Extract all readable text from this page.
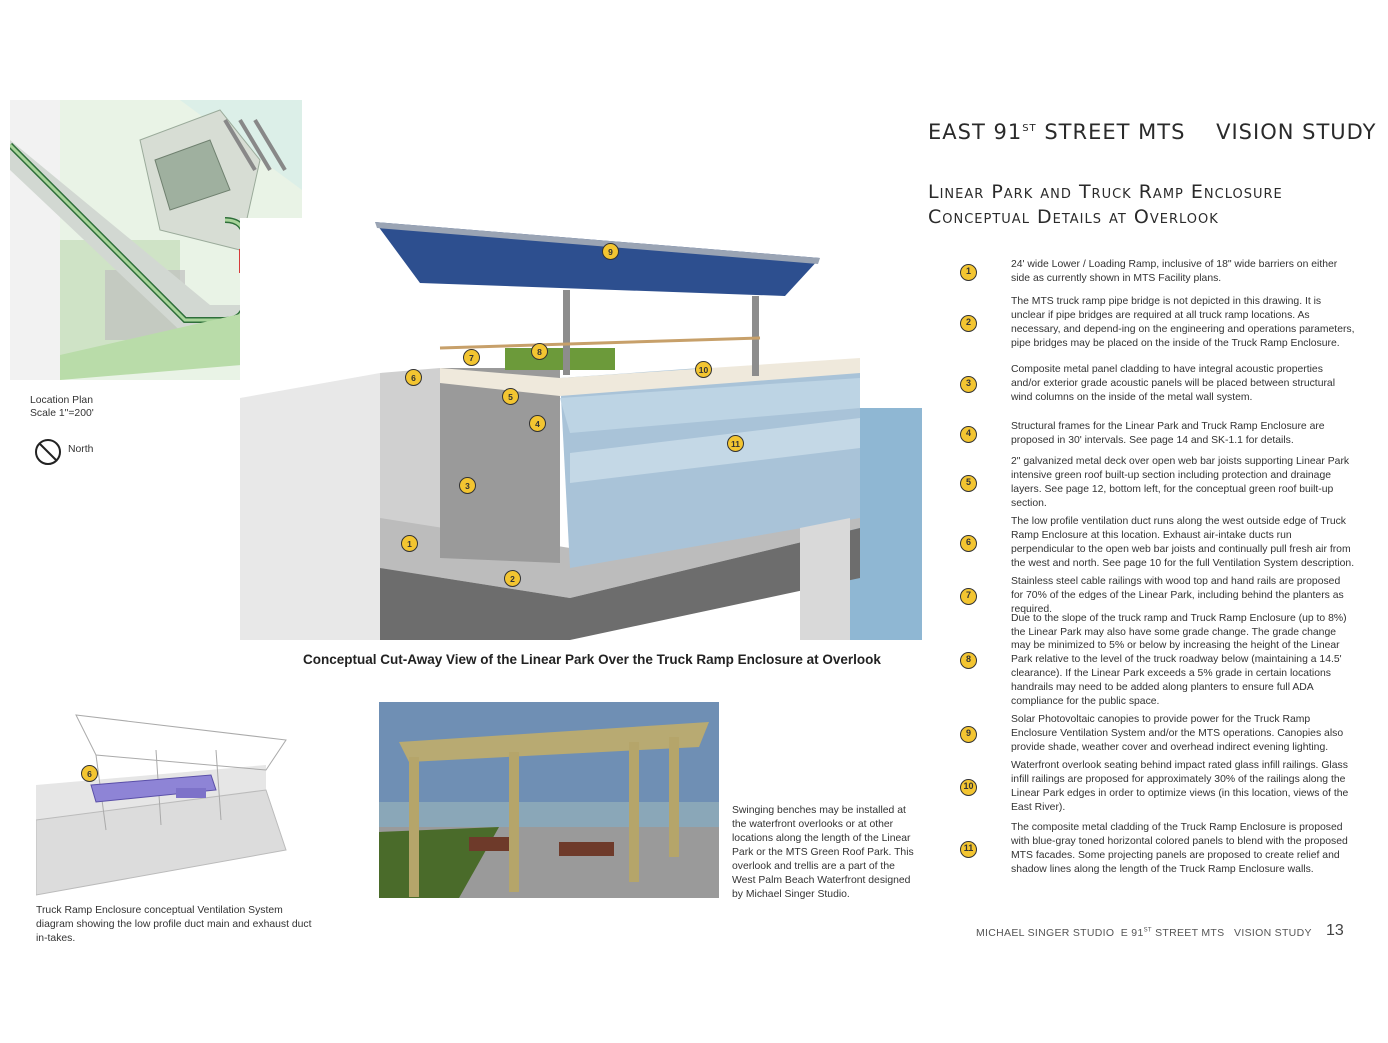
Location Plan
Scale 1"=200'
North
9
8
7
6
10
5
4
11
3
1
2
Conceptual Cut-Away View of the Linear Park Over the Truck Ramp Enclosure at Overlook
6
Truck Ramp Enclosure conceptual Ventilation System diagram showing the low profile duct main and exhaust duct in-takes.
Swinging benches may be installed at the waterfront overlooks or at other locations along the length of the Linear Park or the MTS Green Roof Park. This overlook and trellis are a part of the West Palm Beach Waterfront designed by Michael Singer Studio.
EAST 91ST STREET MTS    VISION STUDY
Linear Park and Truck Ramp Enclosure
Conceptual Details at Overlook
1
24' wide Lower / Loading Ramp, inclusive of 18" wide barriers on either side as currently shown in MTS Facility plans.
2
The MTS truck ramp pipe bridge is not depicted in this drawing. It is unclear if pipe bridges are required at all truck ramp locations. As necessary, and depend-ing on the engineering and operations parameters, pipe bridges may be placed on the inside of the Truck Ramp Enclosure.
3
Composite metal panel cladding to have integral acoustic properties and/or exterior grade acoustic panels will be placed between structural wind columns on the inside of the metal wall system.
4
Structural frames for the Linear Park and Truck Ramp Enclosure are proposed in 30' intervals. See page 14 and SK-1.1 for details.
5
2" galvanized metal deck over open web bar joists supporting Linear Park intensive green roof built-up section including protection and drainage layers. See page 12, bottom left, for the conceptual green roof built-up section.
6
The low profile ventilation duct runs along the west outside edge of Truck Ramp Enclosure at this location. Exhaust air-intake ducts run perpendicular to the open web bar joists and continually pull fresh air from the west and north. See page 10 for the full Ventilation System description.
7
Stainless steel cable railings with wood top and hand rails are proposed for 70% of the edges of the Linear Park, including behind the planters as required.
8
Due to the slope of the truck ramp and Truck Ramp Enclosure (up to 8%) the Linear Park may also have some grade change. The grade change may be minimized to 5% or below by increasing the height of the Linear Park relative to the level of the truck roadway below (maintaining a 14.5' clearance). If the Linear Park exceeds a 5% grade in certain locations handrails may need to be added along planters to ensure full ADA compliance for the public space.
9
Solar Photovoltaic canopies to provide power for the Truck Ramp Enclosure Ventilation System and/or the MTS operations. Canopies also provide shade, weather cover and overhead indirect evening lighting.
10
Waterfront overlook seating behind impact rated glass infill railings. Glass infill railings are proposed for approximately 30% of the railings along the Linear Park edges in order to optimize views (in this location, views of the East River).
11
The composite metal cladding of the Truck Ramp Enclosure is proposed with blue-gray toned horizontal colored panels to blend with the proposed MTS facades. Some projecting panels are proposed to create relief and shadow lines along the length of the Truck Ramp Enclosure walls.
MICHAEL SINGER STUDIO  E 91ST STREET MTS   VISION STUDY 13
